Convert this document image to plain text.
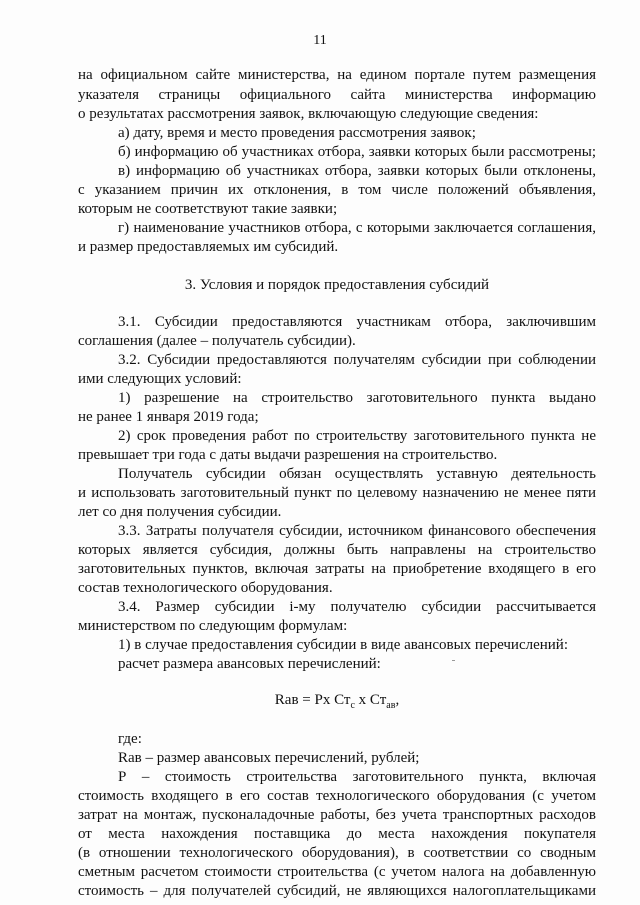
11
на официальном сайте министерства, на едином портале путем размещения
указателя страницы официального сайта министерства информацию
о результатах рассмотрения заявок, включающую следующие сведения:
а) дату, время и место проведения рассмотрения заявок;
б) информацию об участниках отбора, заявки которых были рассмотрены;
в) информацию об участниках отбора, заявки которых были отклонены,
с указанием причин их отклонения, в том числе положений объявления,
которым не соответствуют такие заявки;
г) наименование участников отбора, с которыми заключается соглашения,
и размер предоставляемых им субсидий.
3. Условия и порядок предоставления субсидий
3.1. Субсидии предоставляются участникам отбора, заключившим
соглашения (далее – получатель субсидии).
3.2. Субсидии предоставляются получателям субсидии при соблюдении
ими следующих условий:
1) разрешение на строительство заготовительного пункта выдано
не ранее 1 января 2019 года;
2) срок проведения работ по строительству заготовительного пункта не
превышает три года с даты выдачи разрешения на строительство.
Получатель субсидии обязан осуществлять уставную деятельность
и использовать заготовительный пункт по целевому назначению не менее пяти
лет со дня получения субсидии.
3.3. Затраты получателя субсидии, источником финансового обеспечения
которых является субсидия, должны быть направлены на строительство
заготовительных пунктов, включая затраты на приобретение входящего в его
состав технологического оборудования.
3.4. Размер субсидии i-му получателю субсидии рассчитывается
министерством по следующим формулам:
1) в случае предоставления субсидии в виде авансовых перечислений:
расчет размера авансовых перечислений:
Rав = Рх $Ст_с$ х $Ст_{ав}$,
где:
Rав – размер авансовых перечислений, рублей;
Р – стоимость строительства заготовительного пункта, включая
стоимость входящего в его состав технологического оборудования (с учетом
затрат на монтаж, пусконаладочные работы, без учета транспортных расходов
от места нахождения поставщика до места нахождения покупателя
(в отношении технологического оборудования), в соответствии со сводным
сметным расчетом стоимости строительства (с учетом налога на добавленную
стоимость – для получателей субсидий, не являющихся налогоплательщиками
